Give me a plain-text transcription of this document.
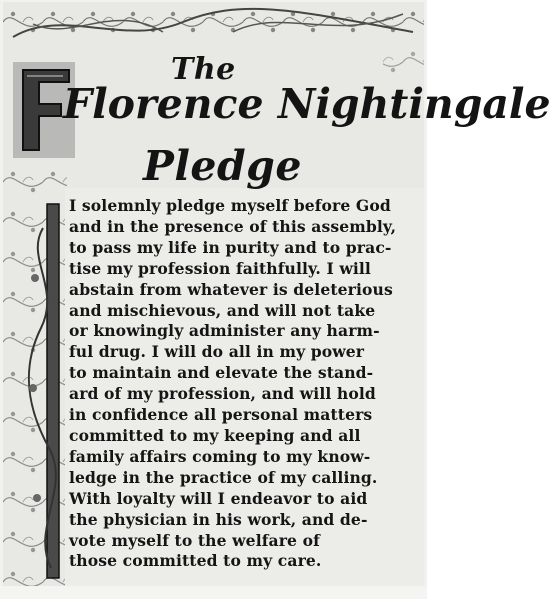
The
Florence Nightingale
Pledge
I solemnly pledge myself before God
and in the presence of this assembly,
to pass my life in purity and to prac-
tise my profession faithfully. I will
abstain from whatever is deleterious
and mischievous, and will not take
or knowingly administer any harm-
ful drug. I will do all in my power
to maintain and elevate the stand-
ard of my profession, and will hold
in confidence all personal matters
committed to my keeping and all
family affairs coming to my know-
ledge in the practice of my calling.
With loyalty will I endeavor to aid
the physician in his work, and de-
vote myself to the welfare of
those committed to my care.
